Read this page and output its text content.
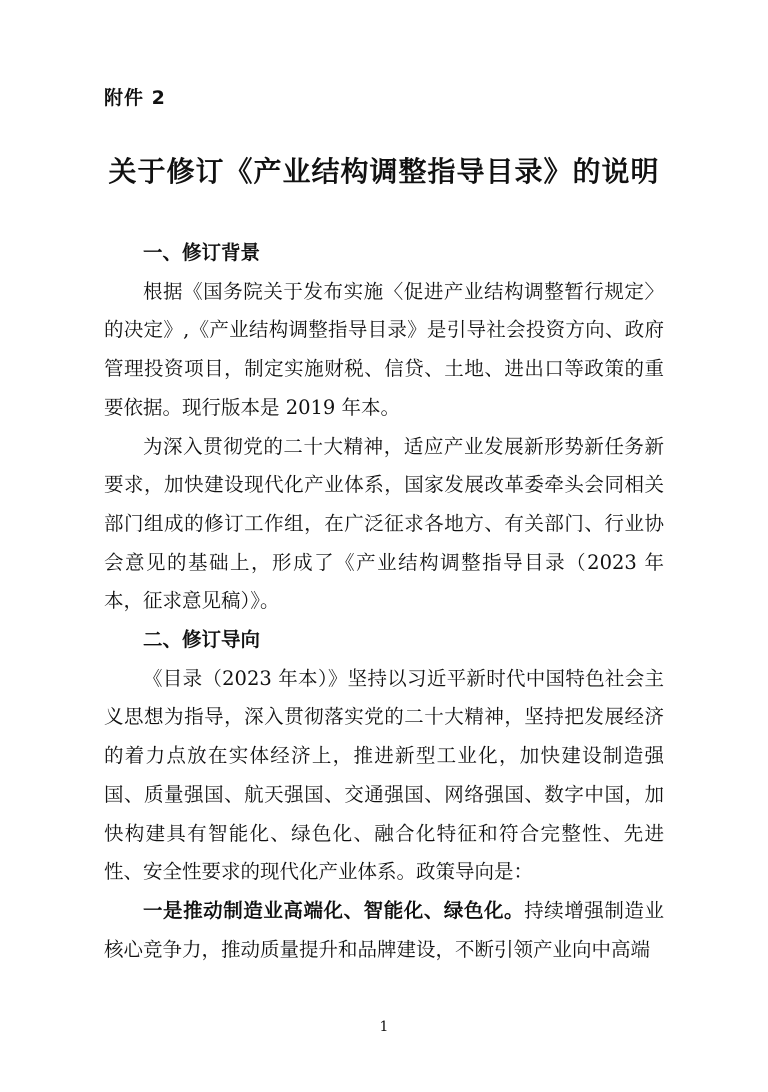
附件 2
关于修订《产业结构调整指导目录》的说明
一、修订背景

根据《国务院关于发布实施〈促进产业结构调整暂行规定〉的决定》,《产业结构调整指导目录》是引导社会投资方向、政府管理投资项目，制定实施财税、信贷、土地、进出口等政策的重要依据。现行版本是 2019 年本。

为深入贯彻党的二十大精神，适应产业发展新形势新任务新要求，加快建设现代化产业体系，国家发展改革委牵头会同相关部门组成的修订工作组，在广泛征求各地方、有关部门、行业协会意见的基础上，形成了《产业结构调整指导目录（2023 年本，征求意见稿）》。

二、修订导向

《目录（2023 年本）》坚持以习近平新时代中国特色社会主义思想为指导，深入贯彻落实党的二十大精神，坚持把发展经济的着力点放在实体经济上，推进新型工业化，加快建设制造强国、质量强国、航天强国、交通强国、网络强国、数字中国，加快构建具有智能化、绿色化、融合化特征和符合完整性、先进性、安全性要求的现代化产业体系。政策导向是：

一是推动制造业高端化、智能化、绿色化。持续增强制造业核心竞争力，推动质量提升和品牌建设，不断引领产业向中高端

1
